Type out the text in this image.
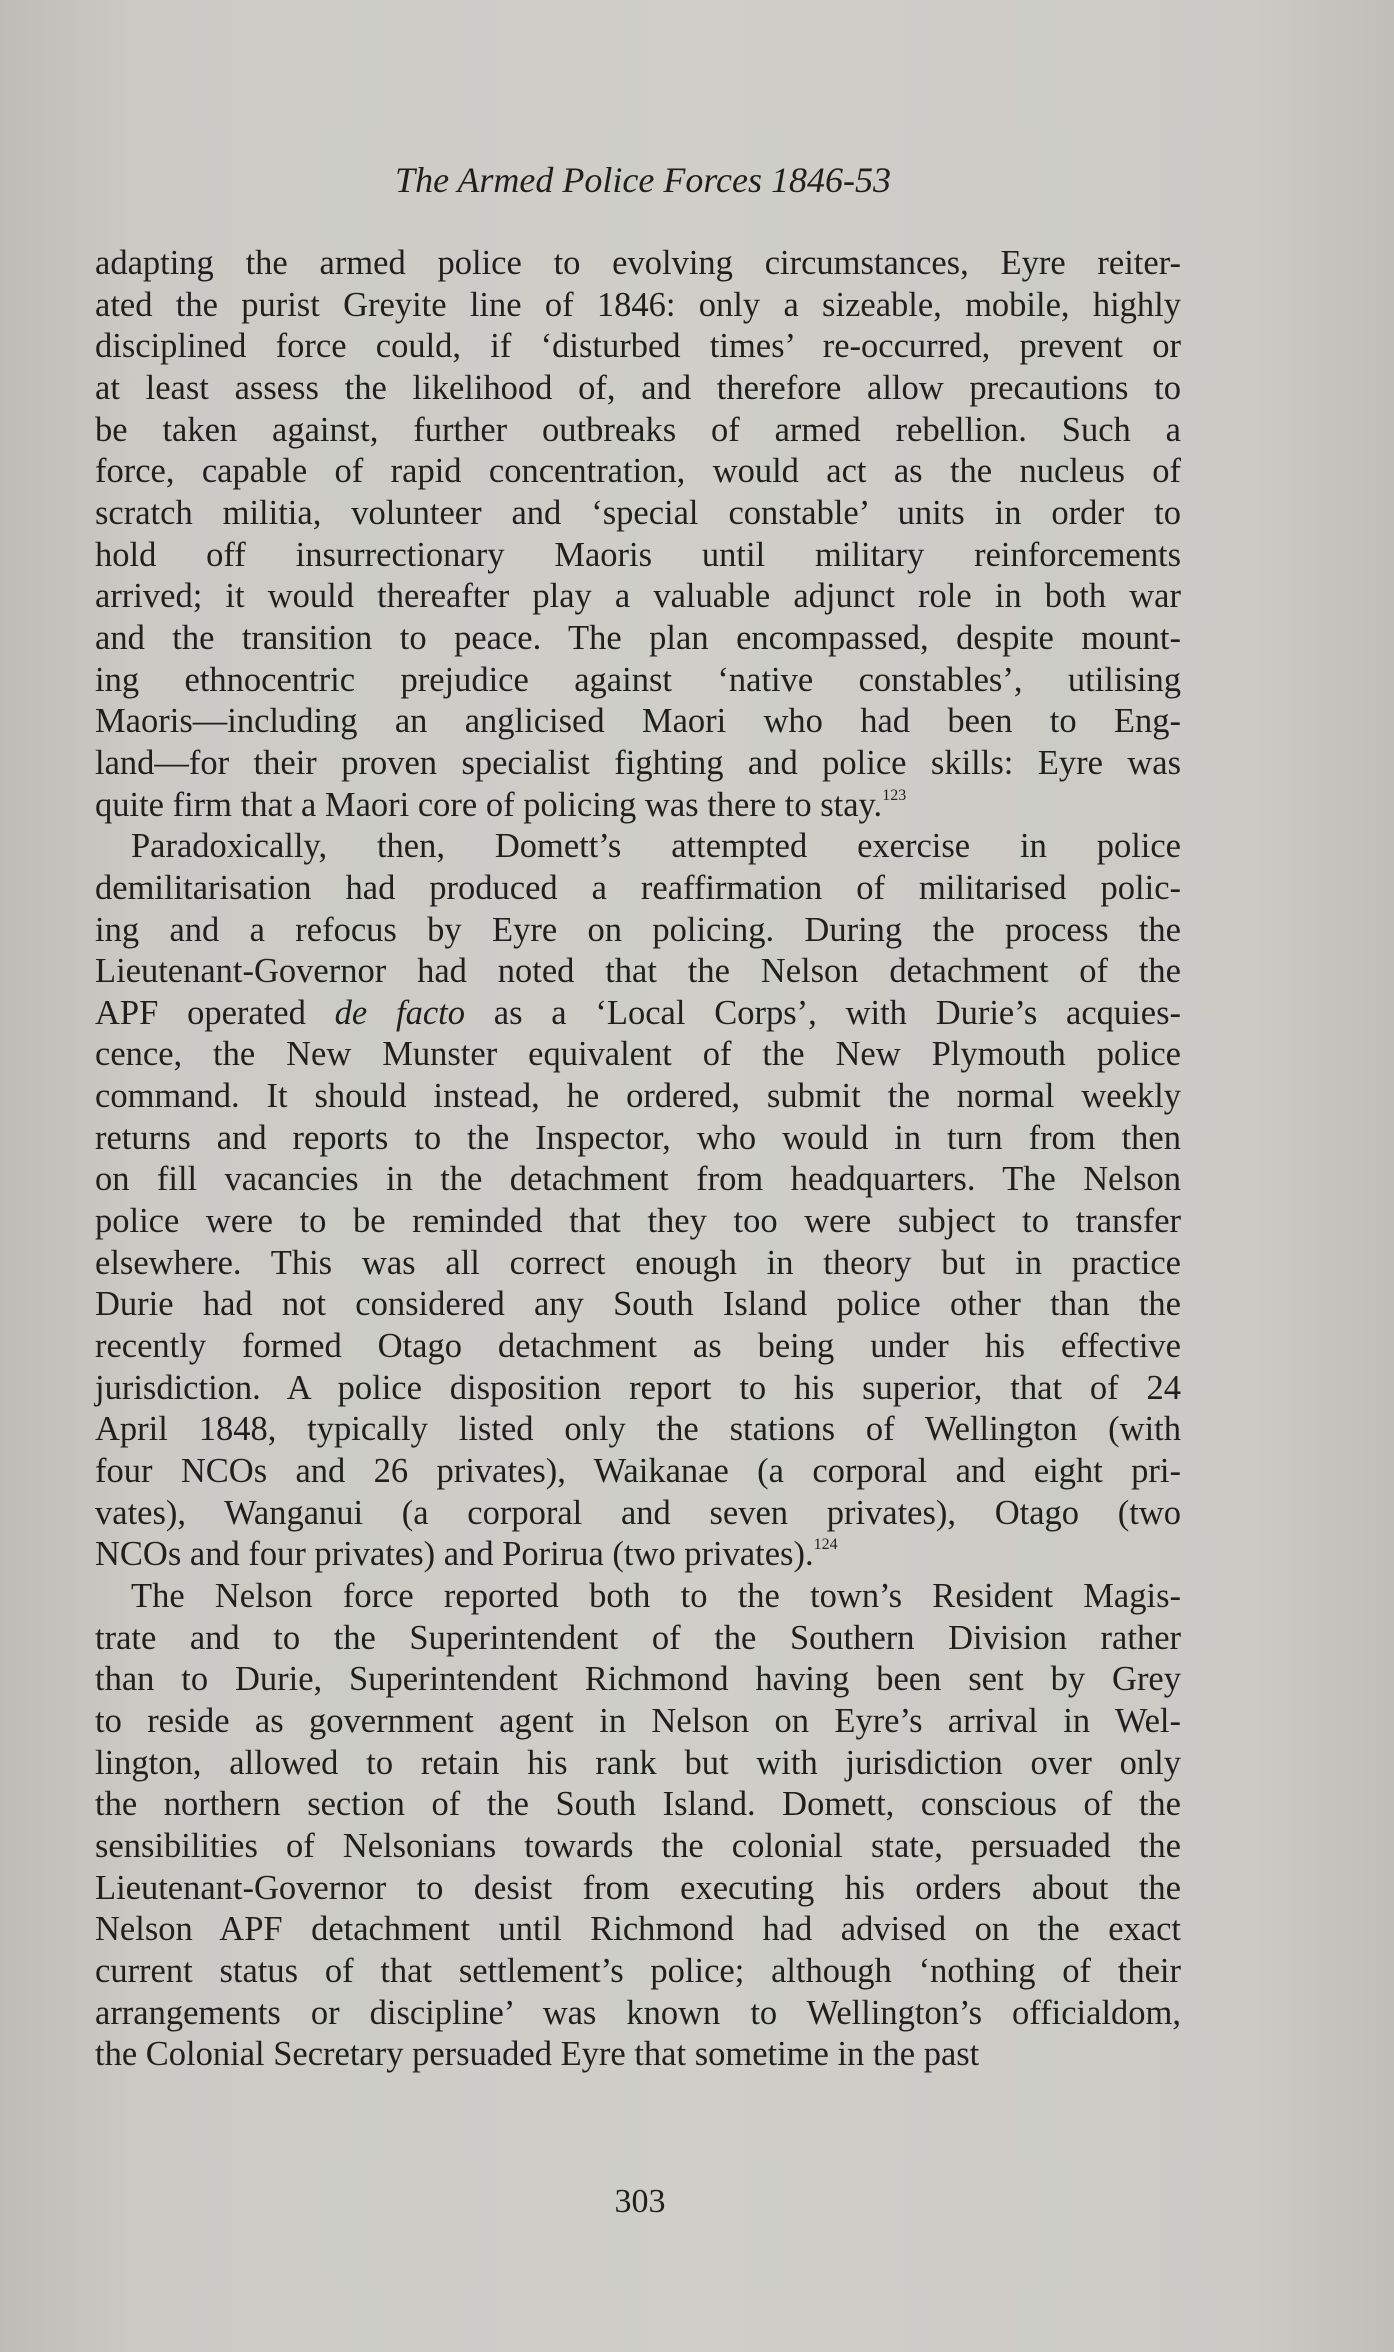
The Armed Police Forces 1846-53
adapting the armed police to evolving circumstances, Eyre reiter-
ated the purist Greyite line of 1846: only a sizeable, mobile, highly
disciplined force could, if ‘disturbed times’ re-occurred, prevent or
at least assess the likelihood of, and therefore allow precautions to
be taken against, further outbreaks of armed rebellion. Such a
force, capable of rapid concentration, would act as the nucleus of
scratch militia, volunteer and ‘special constable’ units in order to
hold off insurrectionary Maoris until military reinforcements
arrived; it would thereafter play a valuable adjunct role in both war
and the transition to peace. The plan encompassed, despite mount-
ing ethnocentric prejudice against ‘native constables’, utilising
Maoris—including an anglicised Maori who had been to Eng-
land—for their proven specialist fighting and police skills: Eyre was
quite firm that a Maori core of policing was there to stay.$^{123}$
Paradoxically, then, Domett’s attempted exercise in police
demilitarisation had produced a reaffirmation of militarised polic-
ing and a refocus by Eyre on policing. During the process the
Lieutenant-Governor had noted that the Nelson detachment of the
APF operated de facto as a ‘Local Corps’, with Durie’s acquies-
cence, the New Munster equivalent of the New Plymouth police
command. It should instead, he ordered, submit the normal weekly
returns and reports to the Inspector, who would in turn from then
on fill vacancies in the detachment from headquarters. The Nelson
police were to be reminded that they too were subject to transfer
elsewhere. This was all correct enough in theory but in practice
Durie had not considered any South Island police other than the
recently formed Otago detachment as being under his effective
jurisdiction. A police disposition report to his superior, that of 24
April 1848, typically listed only the stations of Wellington (with
four NCOs and 26 privates), Waikanae (a corporal and eight pri-
vates), Wanganui (a corporal and seven privates), Otago (two
NCOs and four privates) and Porirua (two privates).$^{124}$
The Nelson force reported both to the town’s Resident Magis-
trate and to the Superintendent of the Southern Division rather
than to Durie, Superintendent Richmond having been sent by Grey
to reside as government agent in Nelson on Eyre’s arrival in Wel-
lington, allowed to retain his rank but with jurisdiction over only
the northern section of the South Island. Domett, conscious of the
sensibilities of Nelsonians towards the colonial state, persuaded the
Lieutenant-Governor to desist from executing his orders about the
Nelson APF detachment until Richmond had advised on the exact
current status of that settlement’s police; although ‘nothing of their
arrangements or discipline’ was known to Wellington’s officialdom,
the Colonial Secretary persuaded Eyre that sometime in the past
303
